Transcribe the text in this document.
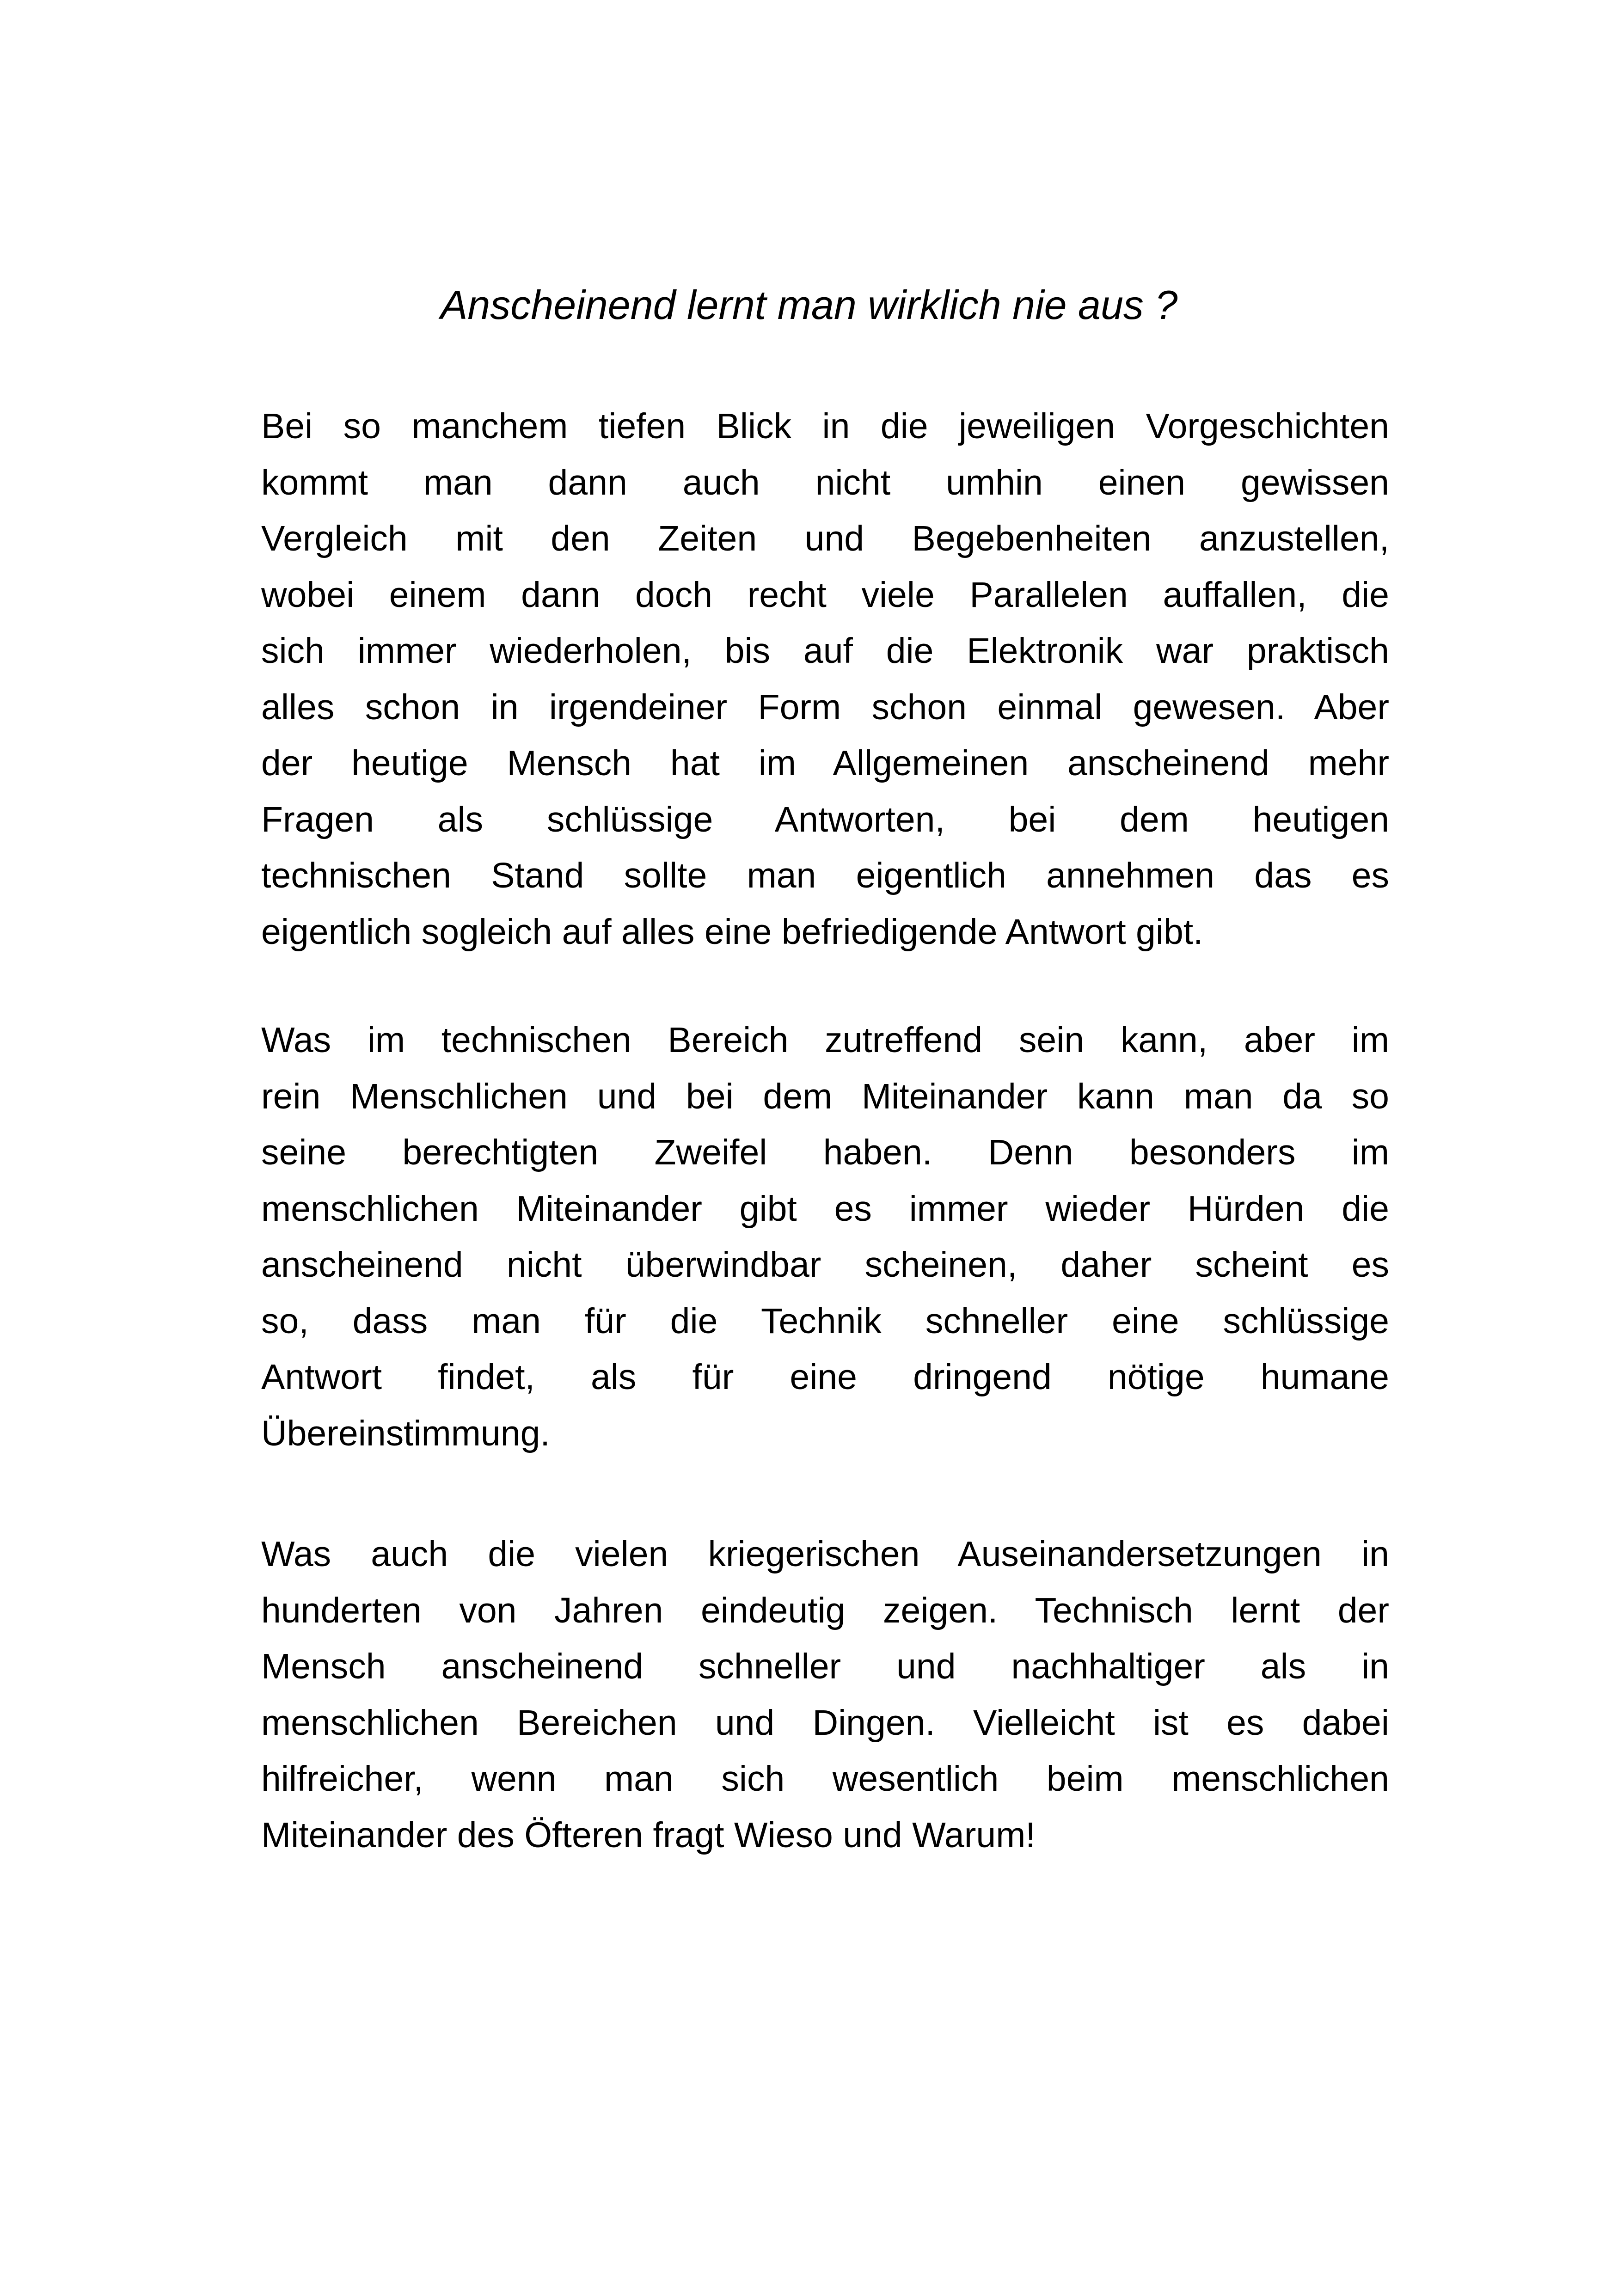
Anscheinend lernt man wirklich nie aus ?
Bei so manchem tiefen Blick in die jeweiligen Vorgeschichten
kommt man dann auch nicht umhin einen gewissen
Vergleich mit den Zeiten und Begebenheiten anzustellen,
wobei einem dann doch recht viele Parallelen auffallen, die
sich immer wiederholen, bis auf die Elektronik war praktisch
alles schon in irgendeiner Form schon einmal gewesen. Aber
der heutige Mensch hat im Allgemeinen anscheinend mehr
Fragen als schlüssige Antworten, bei dem heutigen
technischen Stand sollte man eigentlich annehmen das es
eigentlich sogleich auf alles eine befriedigende Antwort gibt.
Was im technischen Bereich zutreffend sein kann, aber im
rein Menschlichen und bei dem Miteinander kann man da so
seine berechtigten Zweifel haben. Denn besonders im
menschlichen Miteinander gibt es immer wieder Hürden die
anscheinend nicht überwindbar scheinen, daher scheint es
so, dass man für die Technik schneller eine schlüssige
Antwort findet, als für eine dringend nötige humane
Übereinstimmung.
Was auch die vielen kriegerischen Auseinandersetzungen in
hunderten von Jahren eindeutig zeigen. Technisch lernt der
Mensch anscheinend schneller und nachhaltiger als in
menschlichen Bereichen und Dingen. Vielleicht ist es dabei
hilfreicher, wenn man sich wesentlich beim menschlichen
Miteinander des Öfteren fragt Wieso und Warum!
